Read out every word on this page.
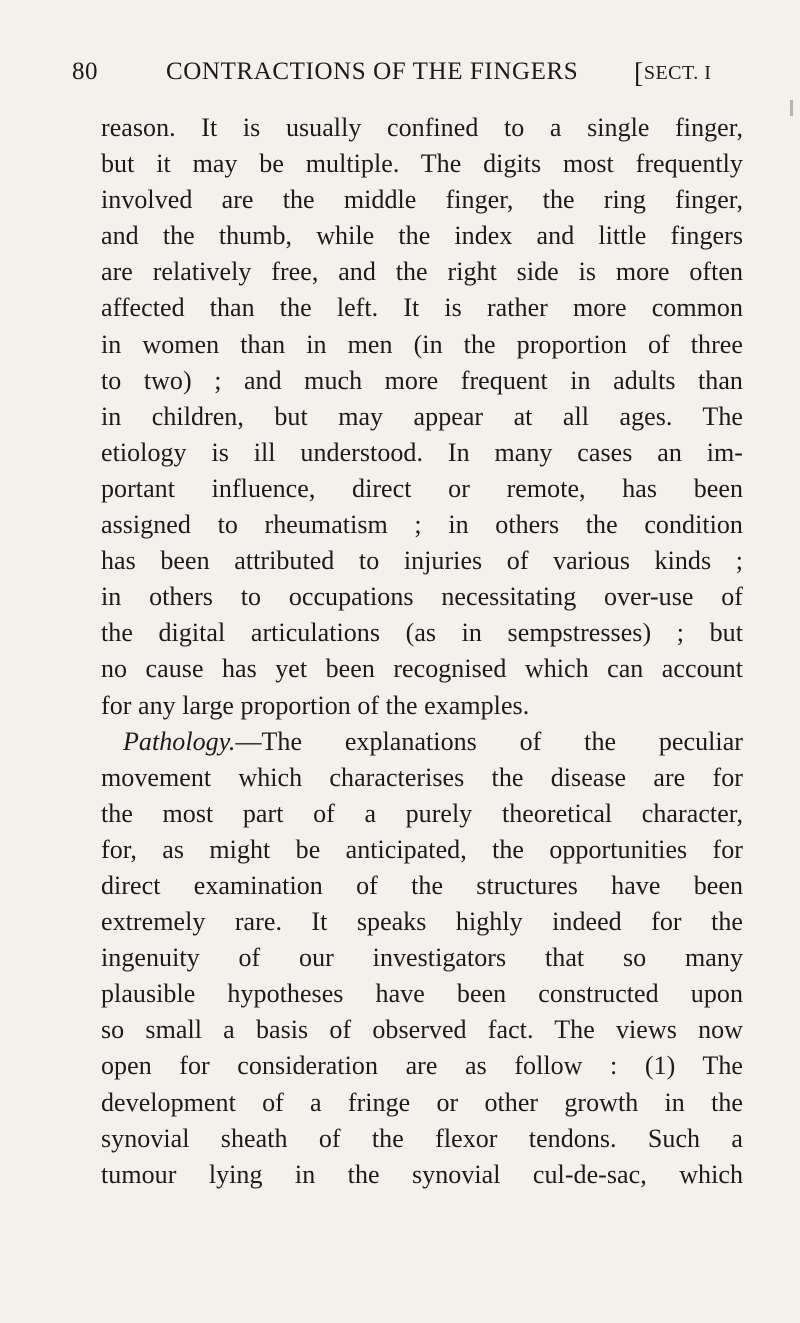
80	CONTRACTIONS OF THE FINGERS [SECT. I
reason. It is usually confined to a single finger,
but it may be multiple. The digits most frequently
involved are the middle finger, the ring finger,
and the thumb, while the index and little fingers
are relatively free, and the right side is more often
affected than the left. It is rather more common
in women than in men (in the proportion of three
to two) ; and much more frequent in adults than
in children, but may appear at all ages. The
etiology is ill understood. In many cases an im-
portant influence, direct or remote, has been
assigned to rheumatism ; in others the condition
has been attributed to injuries of various kinds ;
in others to occupations necessitating over-use of
the digital articulations (as in sempstresses) ; but
no cause has yet been recognised which can account
for any large proportion of the examples.
Pathology.—The explanations of the peculiar
movement which characterises the disease are for
the most part of a purely theoretical character,
for, as might be anticipated, the opportunities for
direct examination of the structures have been
extremely rare. It speaks highly indeed for the
ingenuity of our investigators that so many
plausible hypotheses have been constructed upon
so small a basis of observed fact. The views now
open for consideration are as follow : (1) The
development of a fringe or other growth in the
synovial sheath of the flexor tendons. Such a
tumour lying in the synovial cul-de-sac, which
